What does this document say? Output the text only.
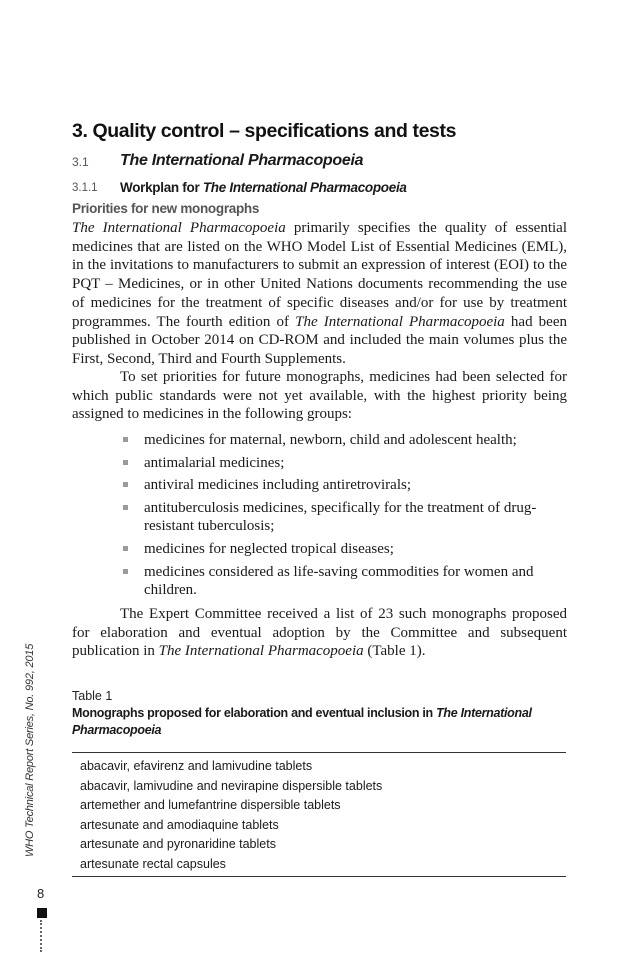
WHO Technical Report Series, No. 992, 2015
8
3. Quality control – specifications and tests
3.1 The International Pharmacopoeia
3.1.1 Workplan for The International Pharmacopoeia
Priorities for new monographs

The International Pharmacopoeia primarily specifies the quality of essential medicines that are listed on the WHO Model List of Essential Medicines (EML), in the invitations to manufacturers to submit an expression of interest (EOI) to the PQT – Medicines, or in other United Nations documents recommending the use of medicines for the treatment of specific diseases and/or for use by treatment programmes. The fourth edition of The International Pharmacopoeia had been published in October 2014 on CD-ROM and included the main volumes plus the First, Second, Third and Fourth Supplements.

To set priorities for future monographs, medicines had been selected for which public standards were not yet available, with the highest priority being assigned to medicines in the following groups:

medicines for maternal, newborn, child and adolescent health;
antimalarial medicines;
antiviral medicines including antiretrovirals;
antituberculosis medicines, specifically for the treatment of drug-resistant tuberculosis;
medicines for neglected tropical diseases;
medicines considered as life-saving commodities for women and children.

The Expert Committee received a list of 23 such monographs proposed for elaboration and eventual adoption by the Committee and subsequent publication in The International Pharmacopoeia (Table 1).

Table 1
Monographs proposed for elaboration and eventual inclusion in The International Pharmacopoeia
abacavir, efavirenz and lamivudine tablets
abacavir, lamivudine and nevirapine dispersible tablets
artemether and lumefantrine dispersible tablets
artesunate and amodiaquine tablets
artesunate and pyronaridine tablets
artesunate rectal capsules
